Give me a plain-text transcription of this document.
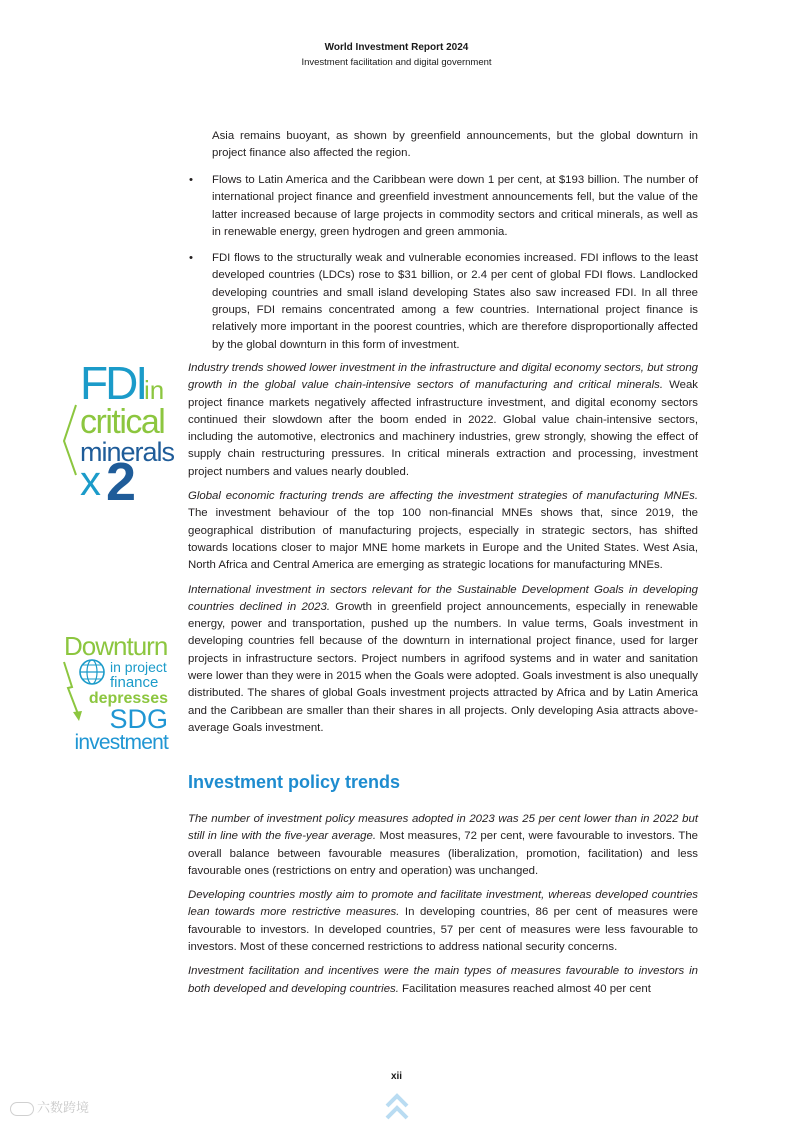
World Investment Report 2024
Investment facilitation and digital government

Asia remains buoyant, as shown by greenfield announcements, but the global downturn in project finance also affected the region.

• Flows to Latin America and the Caribbean were down 1 per cent, at $193 billion. The number of international project finance and greenfield investment announcements fell, but the value of the latter increased because of large projects in commodity sectors and critical minerals, as well as in renewable energy, green hydrogen and green ammonia.
• FDI flows to the structurally weak and vulnerable economies increased. FDI inflows to the least developed countries (LDCs) rose to $31 billion, or 2.4 per cent of global FDI flows. Landlocked developing countries and small island developing States also saw increased FDI. In all three groups, FDI remains concentrated among a few countries. International project finance is relatively more important in the poorest countries, which are therefore disproportionally affected by the global downturn in this form of investment.

Industry trends showed lower investment in the infrastructure and digital economy sectors, but strong growth in the global value chain-intensive sectors of manufacturing and critical minerals. Weak project finance markets negatively affected infrastructure investment, and digital economy sectors continued their slowdown after the boom ended in 2022. Global value chain-intensive sectors, including the automotive, electronics and machinery industries, grew strongly, showing the effect of supply chain restructuring pressures. In critical minerals extraction and processing, investment project numbers and values nearly doubled.

Global economic fracturing trends are affecting the investment strategies of manufacturing MNEs. The investment behaviour of the top 100 non-financial MNEs shows that, since 2019, the geographical distribution of manufacturing projects, especially in strategic sectors, has shifted towards locations closer to major MNE home markets in Europe and the United States. West Asia, North Africa and Central America are emerging as strategic locations for manufacturing MNEs.

International investment in sectors relevant for the Sustainable Development Goals in developing countries declined in 2023. Growth in greenfield project announcements, especially in renewable energy, power and transportation, pushed up the numbers. In value terms, Goals investment in developing countries fell because of the downturn in international project finance, used for larger projects in infrastructure sectors. Project numbers in agrifood systems and in water and sanitation were lower than they were in 2015 when the Goals were adopted. Goals investment is also unequally distributed. The shares of global Goals investment projects attracted by Africa and by Latin America and the Caribbean are smaller than their shares in all projects. Only developing Asia attracts above-average Goals investment.

Investment policy trends

The number of investment policy measures adopted in 2023 was 25 per cent lower than in 2022 but still in line with the five-year average. Most measures, 72 per cent, were favourable to investors. The overall balance between favourable measures (liberalization, promotion, facilitation) and less favourable ones (restrictions on entry and operation) was unchanged.

Developing countries mostly aim to promote and facilitate investment, whereas developed countries lean towards more restrictive measures. In developing countries, 86 per cent of measures were favourable to investors. In developed countries, 57 per cent of measures were less favourable to investors. Most of these concerned restrictions to address national security concerns.

Investment facilitation and incentives were the main types of measures favourable to investors in both developed and developing countries. Facilitation measures reached almost 40 per cent

FDI
in
critical
minerals
x 2
Downturn
in project
finance
depresses
SDG
investment
xii
六数跨境
